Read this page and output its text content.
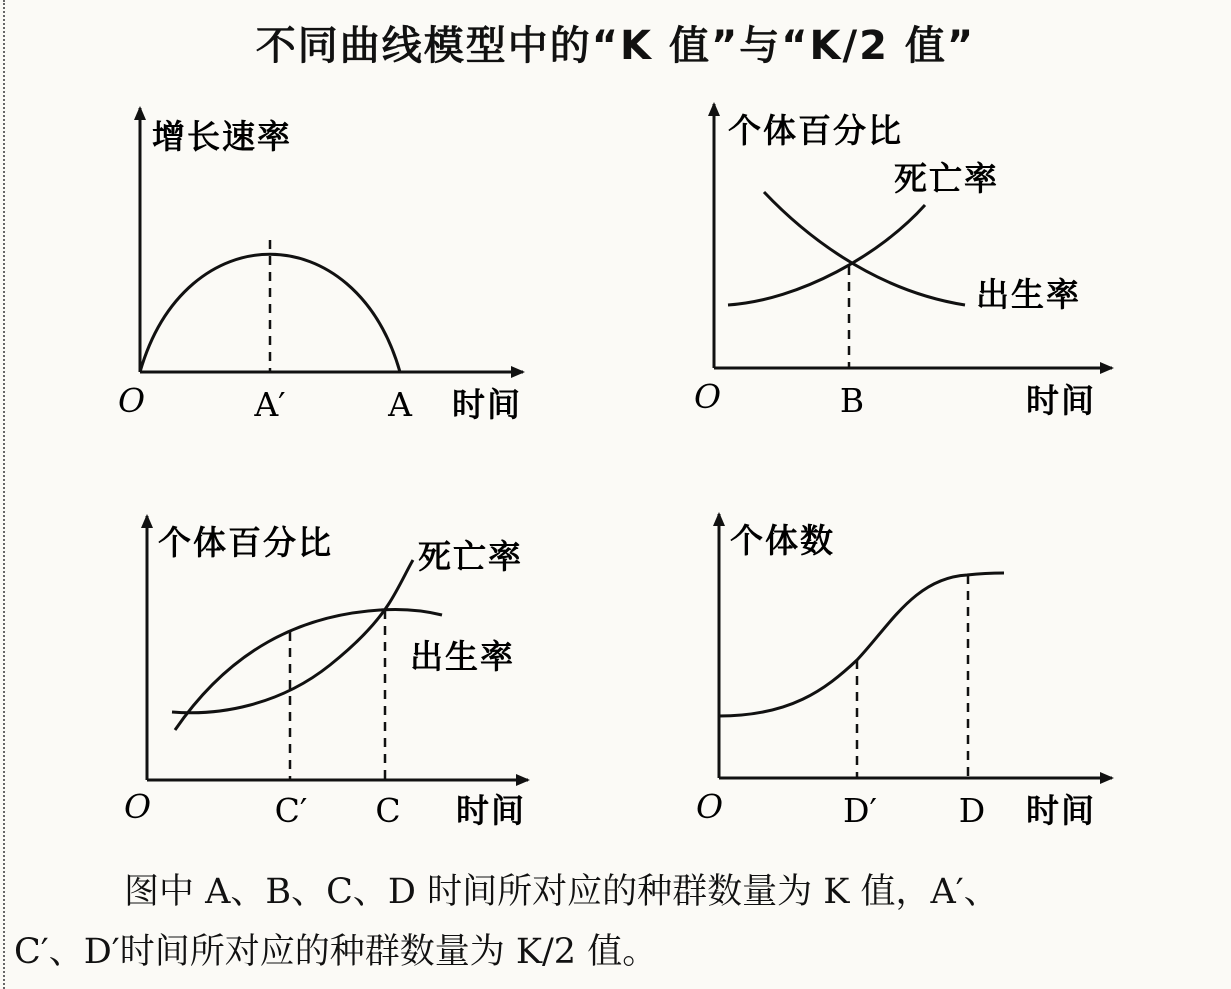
不同曲线模型中的“K 值”与“K/2 值”
增长速率
O	A′	A 时间
个体百分比
死亡率
出生率
O	B	时间
个体百分比	死亡率
出生率
O	C′ C 时间
个体数
O	D′ D 时间

图中 A、B、C、D 时间所对应的种群数量为 K 值，A′、

C′、D′时间所对应的种群数量为 K/2 值。
